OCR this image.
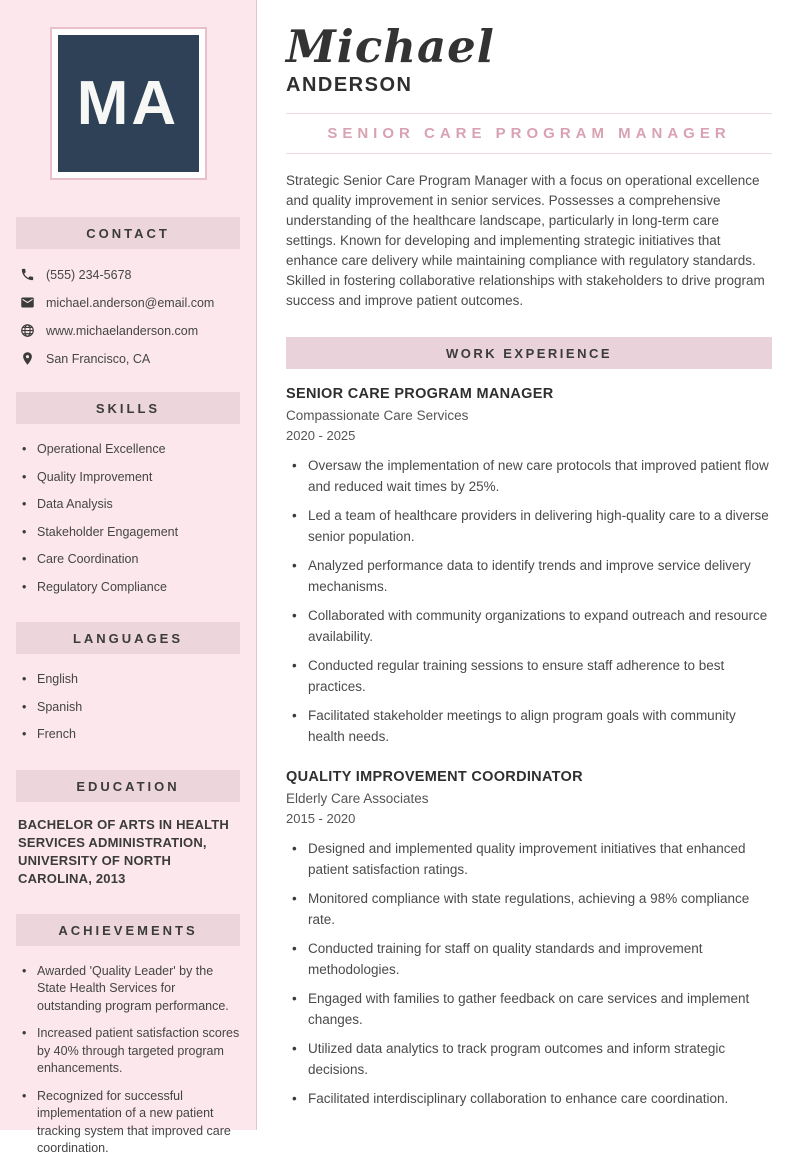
MA
CONTACT
(555) 234-5678
michael.anderson@email.com
www.michaelanderson.com
San Francisco, CA
SKILLS
• Operational Excellence
• Quality Improvement
• Data Analysis
• Stakeholder Engagement
• Care Coordination
• Regulatory Compliance
LANGUAGES
• English
• Spanish
• French
EDUCATION
BACHELOR OF ARTS IN HEALTH SERVICES ADMINISTRATION, UNIVERSITY OF NORTH CAROLINA, 2013
ACHIEVEMENTS
• Awarded 'Quality Leader' by the State Health Services for outstanding program performance.
• Increased patient satisfaction scores by 40% through targeted program enhancements.
• Recognized for successful implementation of a new patient tracking system that improved care coordination.
Michael
ANDERSON
SENIOR CARE PROGRAM MANAGER

Strategic Senior Care Program Manager with a focus on operational excellence and quality improvement in senior services. Possesses a comprehensive understanding of the healthcare landscape, particularly in long-term care settings. Known for developing and implementing strategic initiatives that enhance care delivery while maintaining compliance with regulatory standards. Skilled in fostering collaborative relationships with stakeholders to drive program success and improve patient outcomes.

WORK EXPERIENCE
SENIOR CARE PROGRAM MANAGER
Compassionate Care Services
2020 - 2025
• Oversaw the implementation of new care protocols that improved patient flow and reduced wait times by 25%.
• Led a team of healthcare providers in delivering high-quality care to a diverse senior population.
• Analyzed performance data to identify trends and improve service delivery mechanisms.
• Collaborated with community organizations to expand outreach and resource availability.
• Conducted regular training sessions to ensure staff adherence to best practices.
• Facilitated stakeholder meetings to align program goals with community health needs.
QUALITY IMPROVEMENT COORDINATOR
Elderly Care Associates
2015 - 2020
• Designed and implemented quality improvement initiatives that enhanced patient satisfaction ratings.
• Monitored compliance with state regulations, achieving a 98% compliance rate.
• Conducted training for staff on quality standards and improvement methodologies.
• Engaged with families to gather feedback on care services and implement changes.
• Utilized data analytics to track program outcomes and inform strategic decisions.
• Facilitated interdisciplinary collaboration to enhance care coordination.
